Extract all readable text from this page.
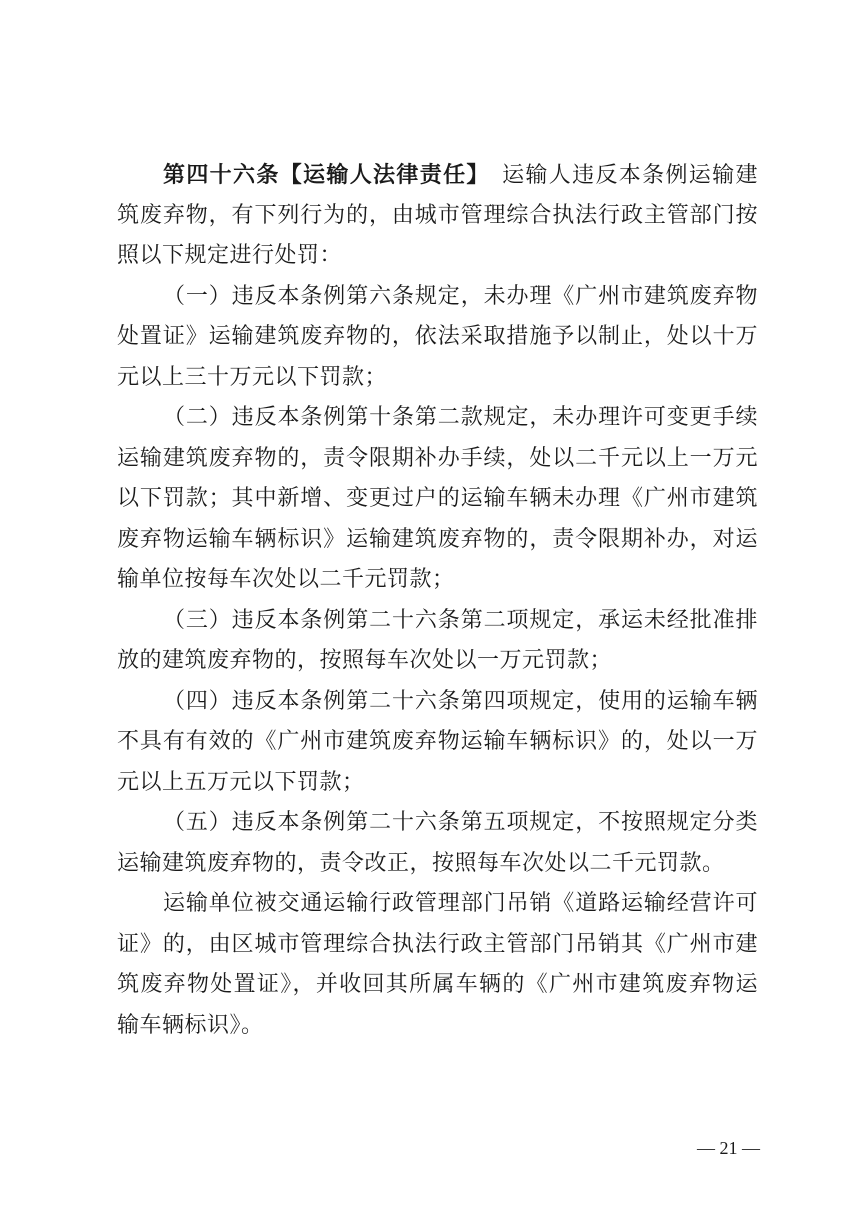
第四十六条【运输人法律责任】　运输人违反本条例运输建
筑废弃物，有下列行为的，由城市管理综合执法行政主管部门按
照以下规定进行处罚：
（一）违反本条例第六条规定，未办理《广州市建筑废弃物
处置证》运输建筑废弃物的，依法采取措施予以制止，处以十万
元以上三十万元以下罚款；
（二）违反本条例第十条第二款规定，未办理许可变更手续
运输建筑废弃物的，责令限期补办手续，处以二千元以上一万元
以下罚款；其中新增、变更过户的运输车辆未办理《广州市建筑
废弃物运输车辆标识》运输建筑废弃物的，责令限期补办，对运
输单位按每车次处以二千元罚款；
（三）违反本条例第二十六条第二项规定，承运未经批准排
放的建筑废弃物的，按照每车次处以一万元罚款；
（四）违反本条例第二十六条第四项规定，使用的运输车辆
不具有有效的《广州市建筑废弃物运输车辆标识》的，处以一万
元以上五万元以下罚款；
（五）违反本条例第二十六条第五项规定，不按照规定分类
运输建筑废弃物的，责令改正，按照每车次处以二千元罚款。
运输单位被交通运输行政管理部门吊销《道路运输经营许可
证》的，由区城市管理综合执法行政主管部门吊销其《广州市建
筑废弃物处置证》，并收回其所属车辆的《广州市建筑废弃物运
输车辆标识》。
— 21 —
